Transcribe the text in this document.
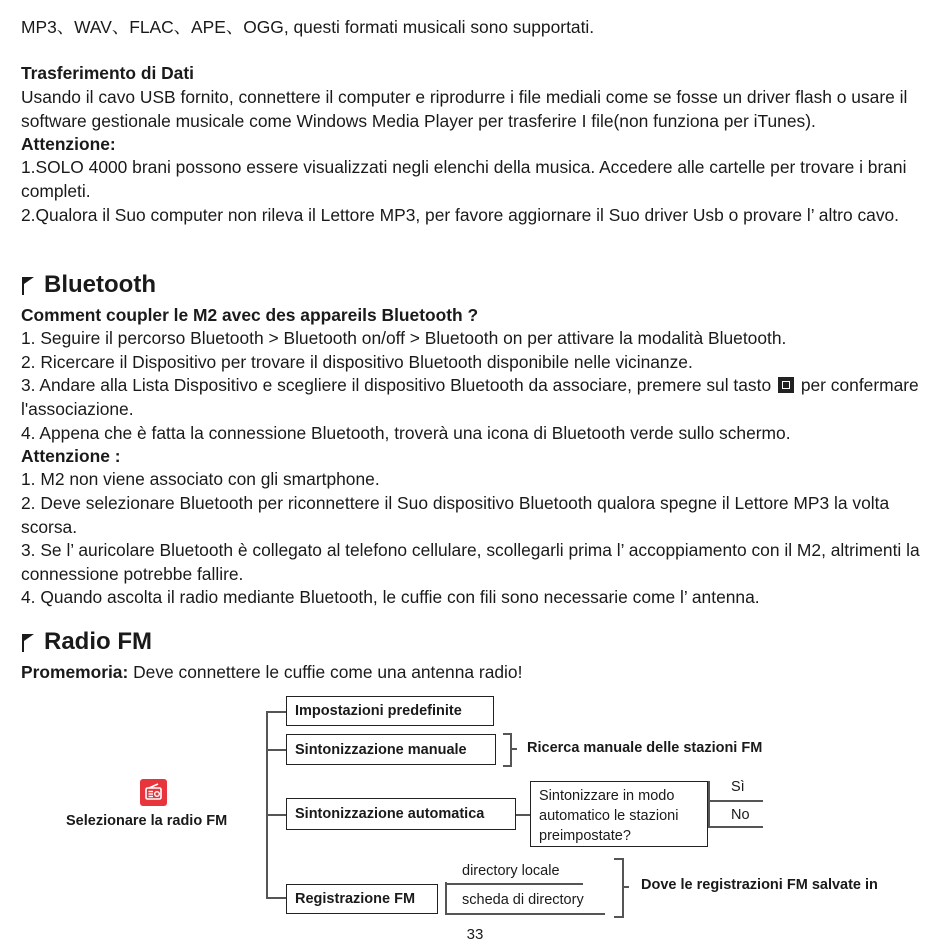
MP3、WAV、FLAC、APE、OGG, questi formati musicali sono supportati.
Trasferimento di Dati
Usando il cavo USB fornito, connettere il computer e riprodurre i file mediali come se fosse un driver flash o usare il software gestionale musicale come Windows Media Player per trasferire I file(non funziona per iTunes).
Attenzione:
1.SOLO 4000 brani possono essere visualizzati negli elenchi della musica. Accedere alle cartelle per trovare i brani completi.
2.Qualora il Suo computer non rileva il Lettore MP3, per favore aggiornare il Suo driver Usb o provare l’ altro cavo.
Bluetooth
Comment coupler le M2 avec des appareils Bluetooth ?
1. Seguire il percorso Bluetooth > Bluetooth on/off > Bluetooth on per attivare la modalità Bluetooth.
2. Ricercare il Dispositivo per trovare il dispositivo Bluetooth disponibile nelle vicinanze.
3. Andare alla Lista Dispositivo e scegliere il dispositivo Bluetooth da associare, premere sul tasto per confermare l'associazione.
4. Appena che è fatta la connessione Bluetooth, troverà una icona di Bluetooth verde sullo schermo.
Attenzione :
1. M2 non viene associato con gli smartphone.
2. Deve selezionare Bluetooth per riconnettere il Suo dispositivo Bluetooth qualora spegne il Lettore MP3 la volta scorsa.
3. Se l’ auricolare Bluetooth è collegato al telefono cellulare, scollegarli prima l’ accoppiamento con il M2, altrimenti la connessione potrebbe fallire.
4. Quando ascolta il radio mediante Bluetooth, le cuffie con fili sono necessarie come l’ antenna.
Radio FM
Promemoria: Deve connettere le cuffie come una antenna radio!
Selezionare la radio FM
Impostazioni predefinite
Sintonizzazione manuale	Ricerca manuale delle stazioni FM
Sintonizzazione automatica
Sintonizzare in modo automatico le stazioni preimpostate?
Sì
No
Registrazione FM
directory locale
scheda di directory
Dove le registrazioni FM salvate in
33
